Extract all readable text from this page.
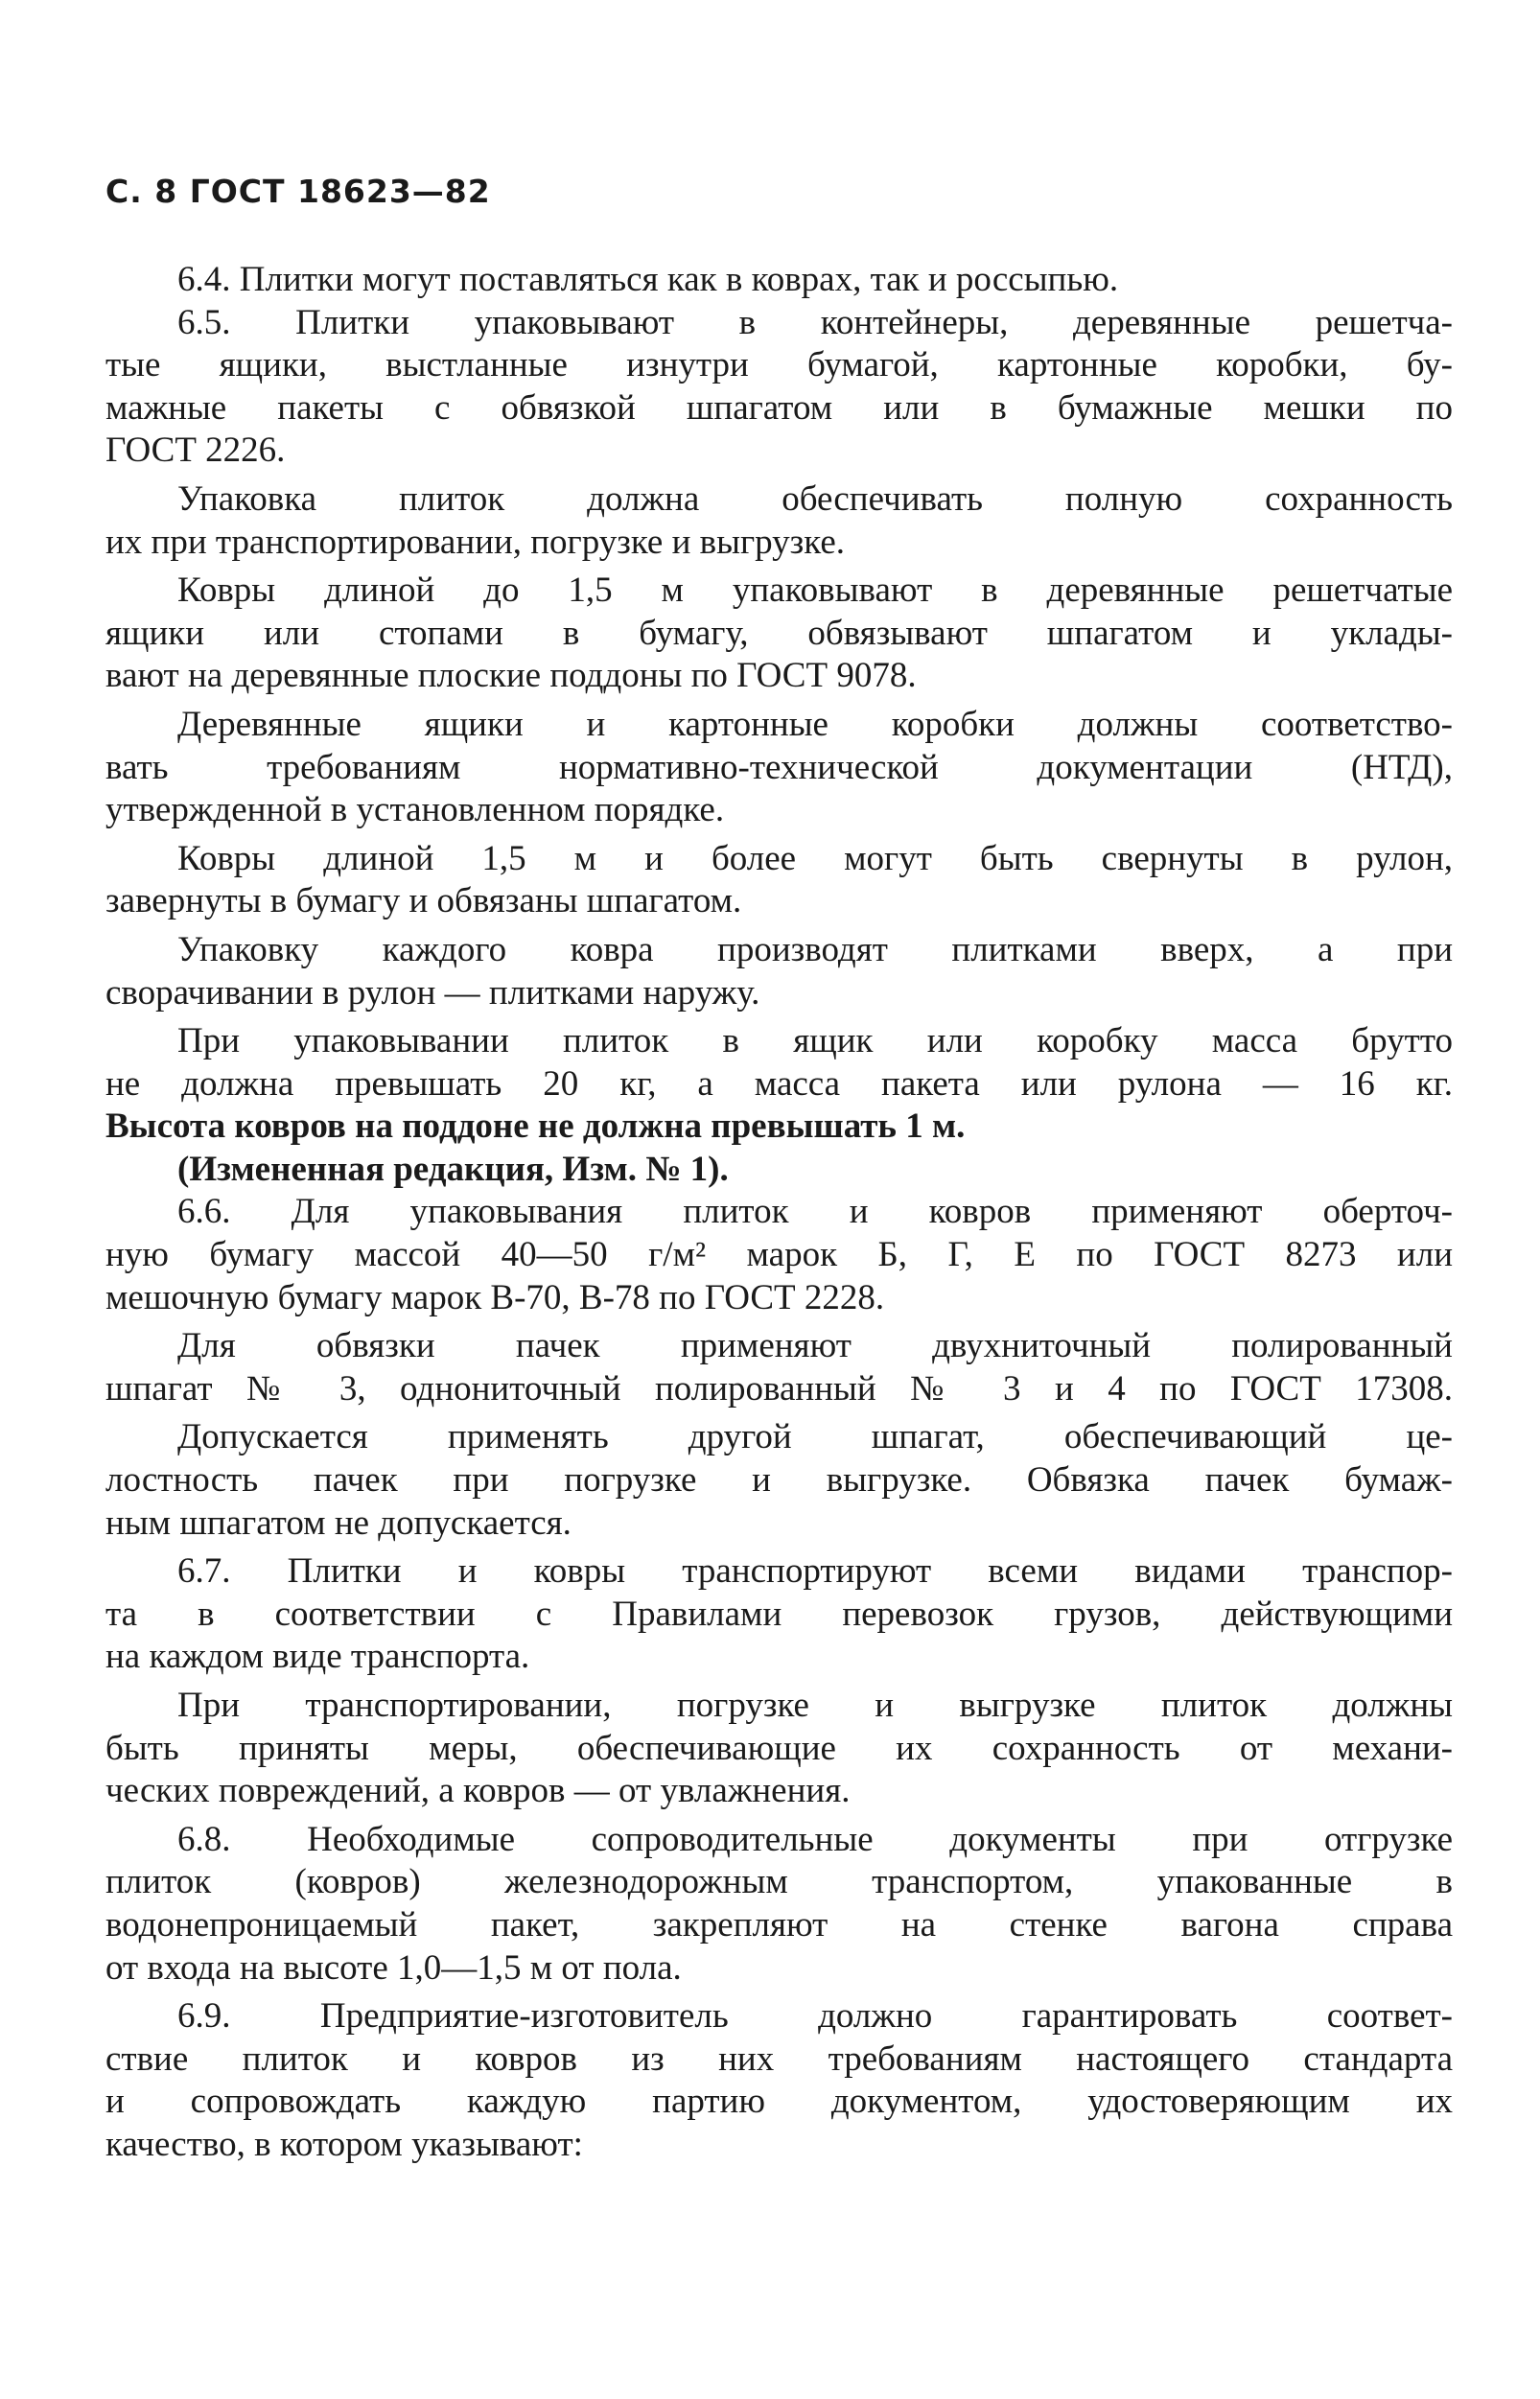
С. 8 ГОСТ 18623—82
6.4. Плитки могут поставляться как в коврах, так и россыпью.
6.5. Плитки упаковывают в контейнеры, деревянные решетча-
тые ящики, выстланные изнутри бумагой, картонные коробки, бу-
мажные пакеты с обвязкой шпагатом или в бумажные мешки по
ГОСТ 2226.
Упаковка плиток должна обеспечивать полную сохранность
их при транспортировании, погрузке и выгрузке.
Ковры длиной до 1,5 м упаковывают в деревянные решетчатые
ящики или стопами в бумагу, обвязывают шпагатом и уклады-
вают на деревянные плоские поддоны по ГОСТ 9078.
Деревянные ящики и картонные коробки должны соответство-
вать требованиям нормативно-технической документации (НТД),
утвержденной в установленном порядке.
Ковры длиной 1,5 м и более могут быть свернуты в рулон,
завернуты в бумагу и обвязаны шпагатом.
Упаковку каждого ковра производят плитками вверх, а при
сворачивании в рулон — плитками наружу.
При упаковывании плиток в ящик или коробку масса брутто
не должна превышать 20 кг, а масса пакета или рулона — 16 кг.
Высота ковров на поддоне не должна превышать 1 м.
(Измененная редакция, Изм. № 1).
6.6. Для упаковывания плиток и ковров применяют оберточ-
ную бумагу массой 40—50 г/м² марок Б, Г, Е по ГОСТ 8273 или
мешочную бумагу марок В-70, В-78 по ГОСТ 2228.
Для обвязки пачек применяют двухниточный полированный
шпагат № 3, однониточный полированный № 3 и 4 по ГОСТ 17308.
Допускается применять другой шпагат, обеспечивающий це-
лостность пачек при погрузке и выгрузке. Обвязка пачек бумаж-
ным шпагатом не допускается.
6.7. Плитки и ковры транспортируют всеми видами транспор-
та в соответствии с Правилами перевозок грузов, действующими
на каждом виде транспорта.
При транспортировании, погрузке и выгрузке плиток должны
быть приняты меры, обеспечивающие их сохранность от механи-
ческих повреждений, а ковров — от увлажнения.
6.8. Необходимые сопроводительные документы при отгрузке
плиток (ковров) железнодорожным транспортом, упакованные в
водонепроницаемый пакет, закрепляют на стенке вагона справа
от входа на высоте 1,0—1,5 м от пола.
6.9. Предприятие-изготовитель должно гарантировать соответ-
ствие плиток и ковров из них требованиям настоящего стандарта
и сопровождать каждую партию документом, удостоверяющим их
качество, в котором указывают:
